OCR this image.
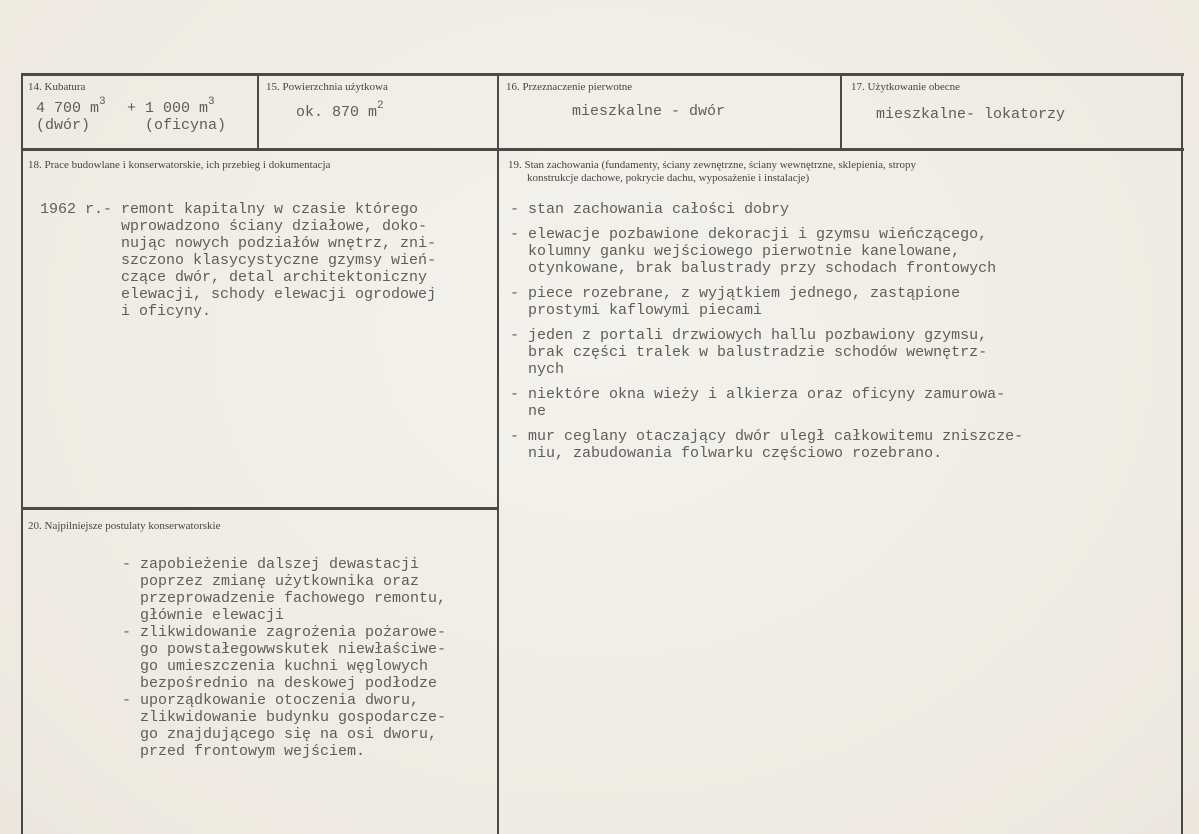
14. Kubatura
4 700 $m^3 + 1$ 000 $m^3$
(dwór)	(oficyna)
15. Powierzchnia użytkowa
ok. 870 $m^2$
16. Przeznaczenie pierwotne
mieszkalne - dwór
17. Użytkowanie obecne
mieszkalne- lokatorzy
18. Prace budowlane i konserwatorskie, ich przebieg i dokumentacja
1962 r.- remont kapitalny w czasie którego
wprowadzono ściany działowe, doko-
nując nowych podziałów wnętrz, zni-
szczono klasycystyczne gzymsy wień-
czące dwór, detal architektoniczny
elewacji, schody elewacji ogrodowej
i oficyny.
19. Stan zachowania (fundamenty, ściany zewnętrzne, ściany wewnętrzne, sklepienia, stropy
konstrukcje dachowe, pokrycie dachu, wyposażenie i instalacje)
- stan zachowania całości dobry
- elewacje pozbawione dekoracji i gzymsu wieńczącego,
kolumny ganku wejściowego pierwotnie kanelowane,
otynkowane, brak balustrady przy schodach frontowych
- piece rozebrane, z wyjątkiem jednego, zastąpione
prostymi kaflowymi piecami
- jeden z portali drzwiowych hallu pozbawiony gzymsu,
brak części tralek w balustradzie schodów wewnętrz-
nych
- niektóre okna wieży i alkierza oraz oficyny zamurowa-
ne
- mur ceglany otaczający dwór uległ całkowitemu zniszcze-
niu, zabudowania folwarku częściowo rozebrano.
20. Najpilniejsze postulaty konserwatorskie
- zapobieżenie dalszej dewastacji
poprzez zmianę użytkownika oraz
przeprowadzenie fachowego remontu,
głównie elewacji
- zlikwidowanie zagrożenia pożarowe-
go powstałegowwskutek niewłaściwe-
go umieszczenia kuchni węglowych
bezpośrednio na deskowej podłodze
- uporządkowanie otoczenia dworu,
zlikwidowanie budynku gospodarcze-
go znajdującego się na osi dworu,
przed frontowym wejściem.
